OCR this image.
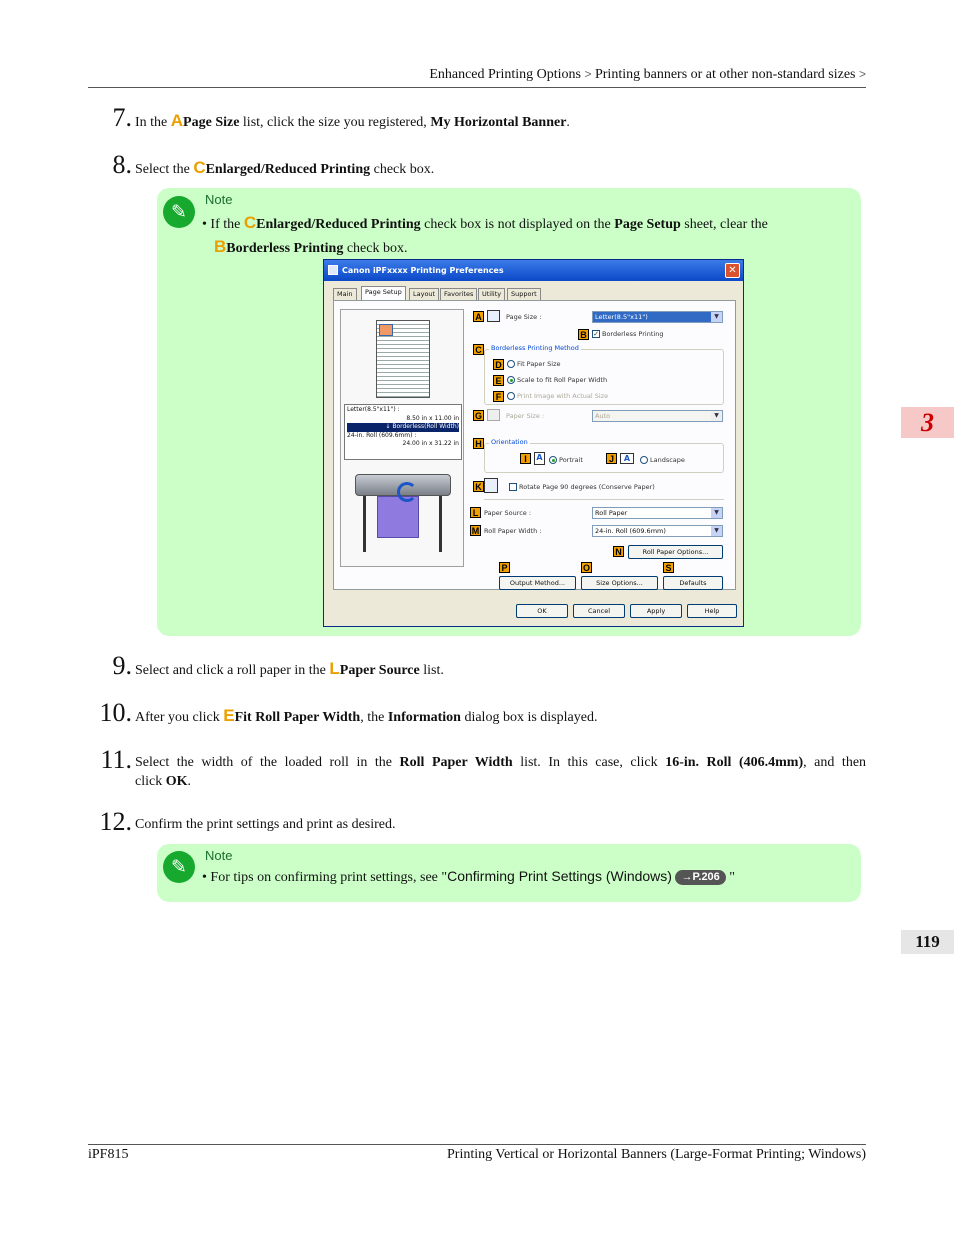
Enhanced Printing Options > Printing banners or at other non-standard sizes >
7. In the APage Size list, click the size you registered, My Horizontal Banner.
8. Select the CEnlarged/Reduced Printing check box.
✎
Note
• If the CEnlarged/Reduced Printing check box is not displayed on the Page Setup sheet, clear the
BBorderless Printing check box.
Canon iPFxxxx Printing Preferences	✕
Main	Page Setup	Layout	Favorites	Utility	Support
Letter(8.5"x11") :
8.50 in x 11.00 in
↓ Borderless(Roll Width)
24-in. Roll (609.6mm) :
24.00 in x 31.22 in
A	Page Size :	Letter(8.5"x11")	▼
B ✓ Borderless Printing
C	Borderless Printing Method
D	Fit Paper Size
E	Scale to fit Roll Paper Width
F	Print Image with Actual Size
G	Paper Size :	Auto	▼
H	Orientation
I	A	Portrait	J	A	Landscape
K	Rotate Page 90 degrees (Conserve Paper)
L Paper Source :	Roll Paper	▼
M Roll Paper Width :	24-in. Roll (609.6mm)	▼
N	Roll Paper Options...
P	O	S
Output Method...	Size Options...	Defaults
OK	Cancel	Apply	Help
9. Select and click a roll paper in the LPaper Source list.
10. After you click EFit Roll Paper Width, the Information dialog box is displayed.
11. Select the width of the loaded roll in the Roll Paper Width list. In this case, click 16-in. Roll (406.4mm), and then
click OK.
12. Confirm the print settings and print as desired.
✎
Note
• For tips on confirming print settings, see "Confirming Print Settings (Windows) →P.206 "
3
119
iPF815	Printing Vertical or Horizontal Banners (Large-Format Printing; Windows)
